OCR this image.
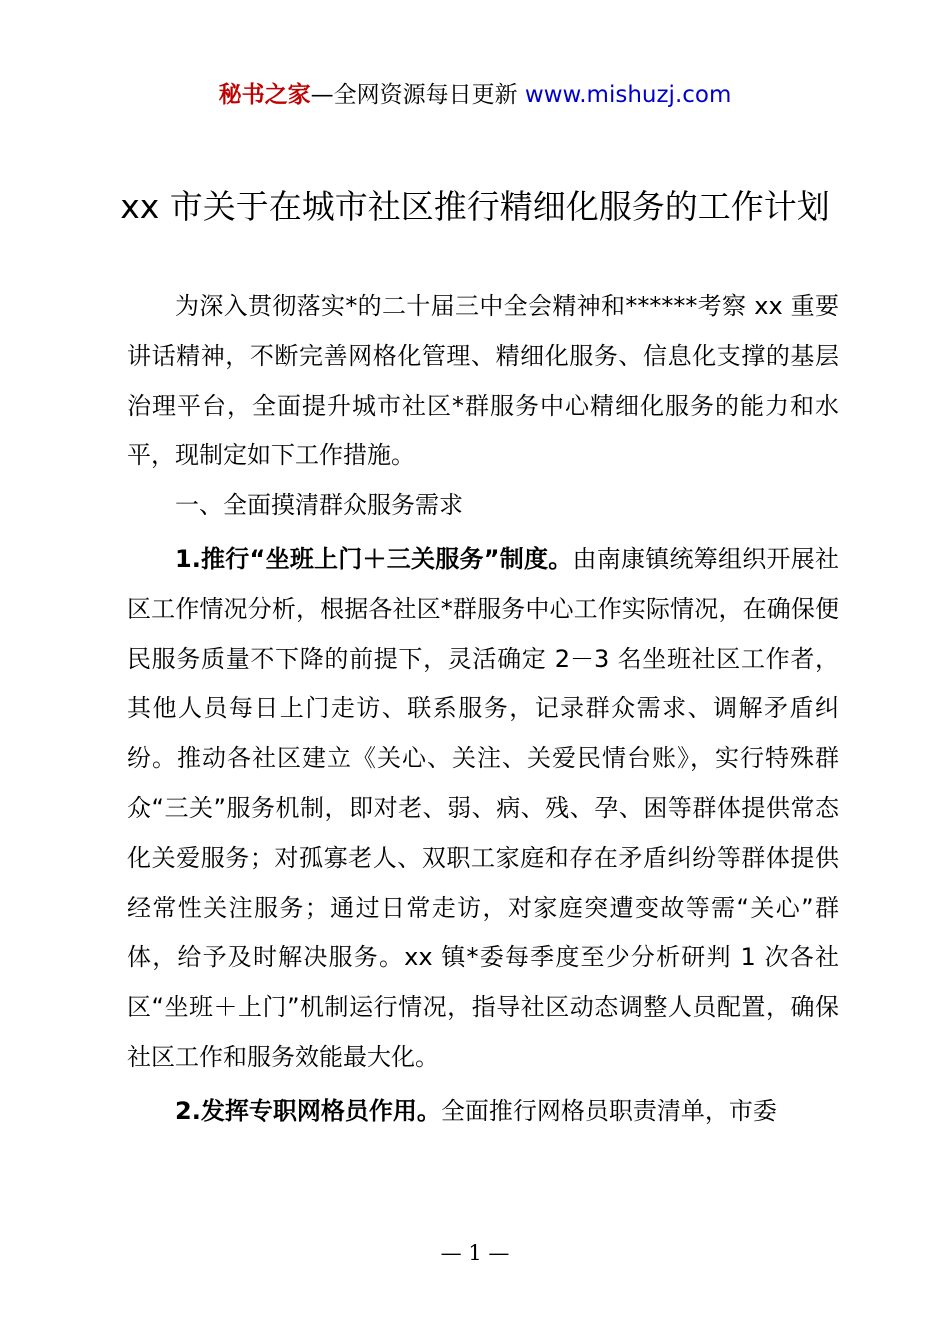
秘书之家—全网资源每日更新 www.mishuzj.com
xx 市关于在城市社区推行精细化服务的工作计划

为深入贯彻落实*的二十届三中全会精神和******考察 xx 重要讲话精神，不断完善网格化管理、精细化服务、信息化支撑的基层治理平台，全面提升城市社区*群服务中心精细化服务的能力和水平，现制定如下工作措施。

一、全面摸清群众服务需求

1.推行“坐班上门＋三关服务”制度。由南康镇统筹组织开展社区工作情况分析，根据各社区*群服务中心工作实际情况，在确保便民服务质量不下降的前提下，灵活确定 2－3 名坐班社区工作者，其他人员每日上门走访、联系服务，记录群众需求、调解矛盾纠纷。推动各社区建立《关心、关注、关爱民情台账》，实行特殊群众“三关”服务机制，即对老、弱、病、残、孕、困等群体提供常态化关爱服务；对孤寡老人、双职工家庭和存在矛盾纠纷等群体提供经常性关注服务；通过日常走访，对家庭突遭变故等需“关心”群体，给予及时解决服务。xx 镇*委每季度至少分析研判 1 次各社区“坐班＋上门”机制运行情况，指导社区动态调整人员配置，确保社区工作和服务效能最大化。

2.发挥专职网格员作用。全面推行网格员职责清单，市委

— 1 —
